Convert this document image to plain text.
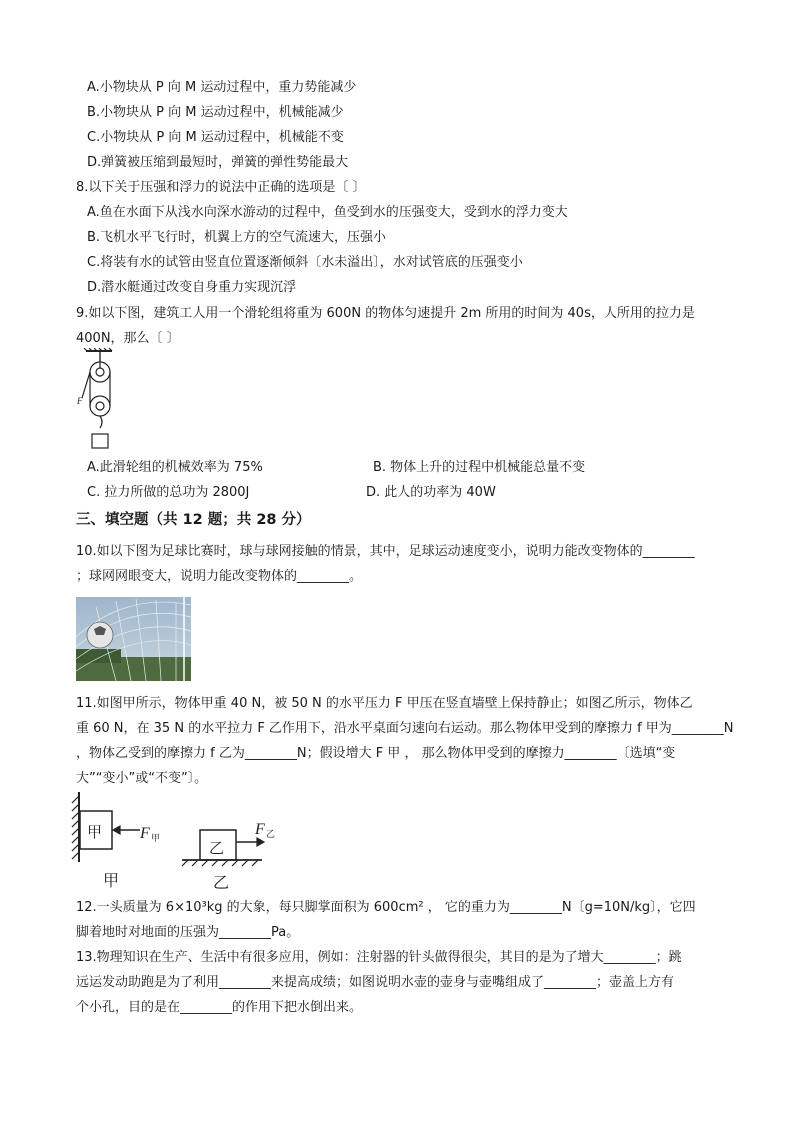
A.小物块从 P 向 M 运动过程中，重力势能减少
B.小物块从 P 向 M 运动过程中，机械能减少
C.小物块从 P 向 M 运动过程中，机械能不变
D.弹簧被压缩到最短时，弹簧的弹性势能最大
8.以下关于压强和浮力的说法中正确的选项是〔 〕
A.鱼在水面下从浅水向深水游动的过程中，鱼受到水的压强变大，受到水的浮力变大
B.飞机水平飞行时，机翼上方的空气流速大，压强小
C.将装有水的试管由竖直位置逐渐倾斜〔水未溢出〕，水对试管底的压强变小
D.潜水艇通过改变自身重力实现沉浮
9.如以下图，建筑工人用一个滑轮组将重为 600N 的物体匀速提升 2m 所用的时间为 40s，人所用的拉力是
400N，那么〔 〕
F
A.此滑轮组的机械效率为 75%	B. 物体上升的过程中机械能总量不变
C. 拉力所做的总功为 2800J	D. 此人的功率为 40W
三、填空题（共 12 题；共 28 分）
10.如以下图为足球比赛时，球与球网接触的情景，其中，足球运动速度变小，说明力能改变物体的________
；球网网眼变大，说明力能改变物体的________。
11.如图甲所示，物体甲重 40 N，被 50 N 的水平压力 F 甲压在竖直墙壁上保持静止；如图乙所示，物体乙
重 60 N，在 35 N 的水平拉力 F 乙作用下，沿水平桌面匀速向右运动。那么物体甲受到的摩擦力 f 甲为________N
，物体乙受到的摩擦力 f 乙为________N；假设增大 F 甲 ， 那么物体甲受到的摩擦力________〔选填“变
大”“变小”或“不变”〕。
甲 F 甲	乙
F 乙
甲	乙
12.一头质量为 6×10³kg 的大象，每只脚掌面积为 600cm² ， 它的重力为________N〔g=10N/kg〕，它四
脚着地时对地面的压强为________Pa。
13.物理知识在生产、生活中有很多应用，例如：注射器的针头做得很尖，其目的是为了增大________；跳
远运发动助跑是为了利用________来提高成绩；如图说明水壶的壶身与壶嘴组成了________；壶盖上方有
个小孔，目的是在________的作用下把水倒出来。
